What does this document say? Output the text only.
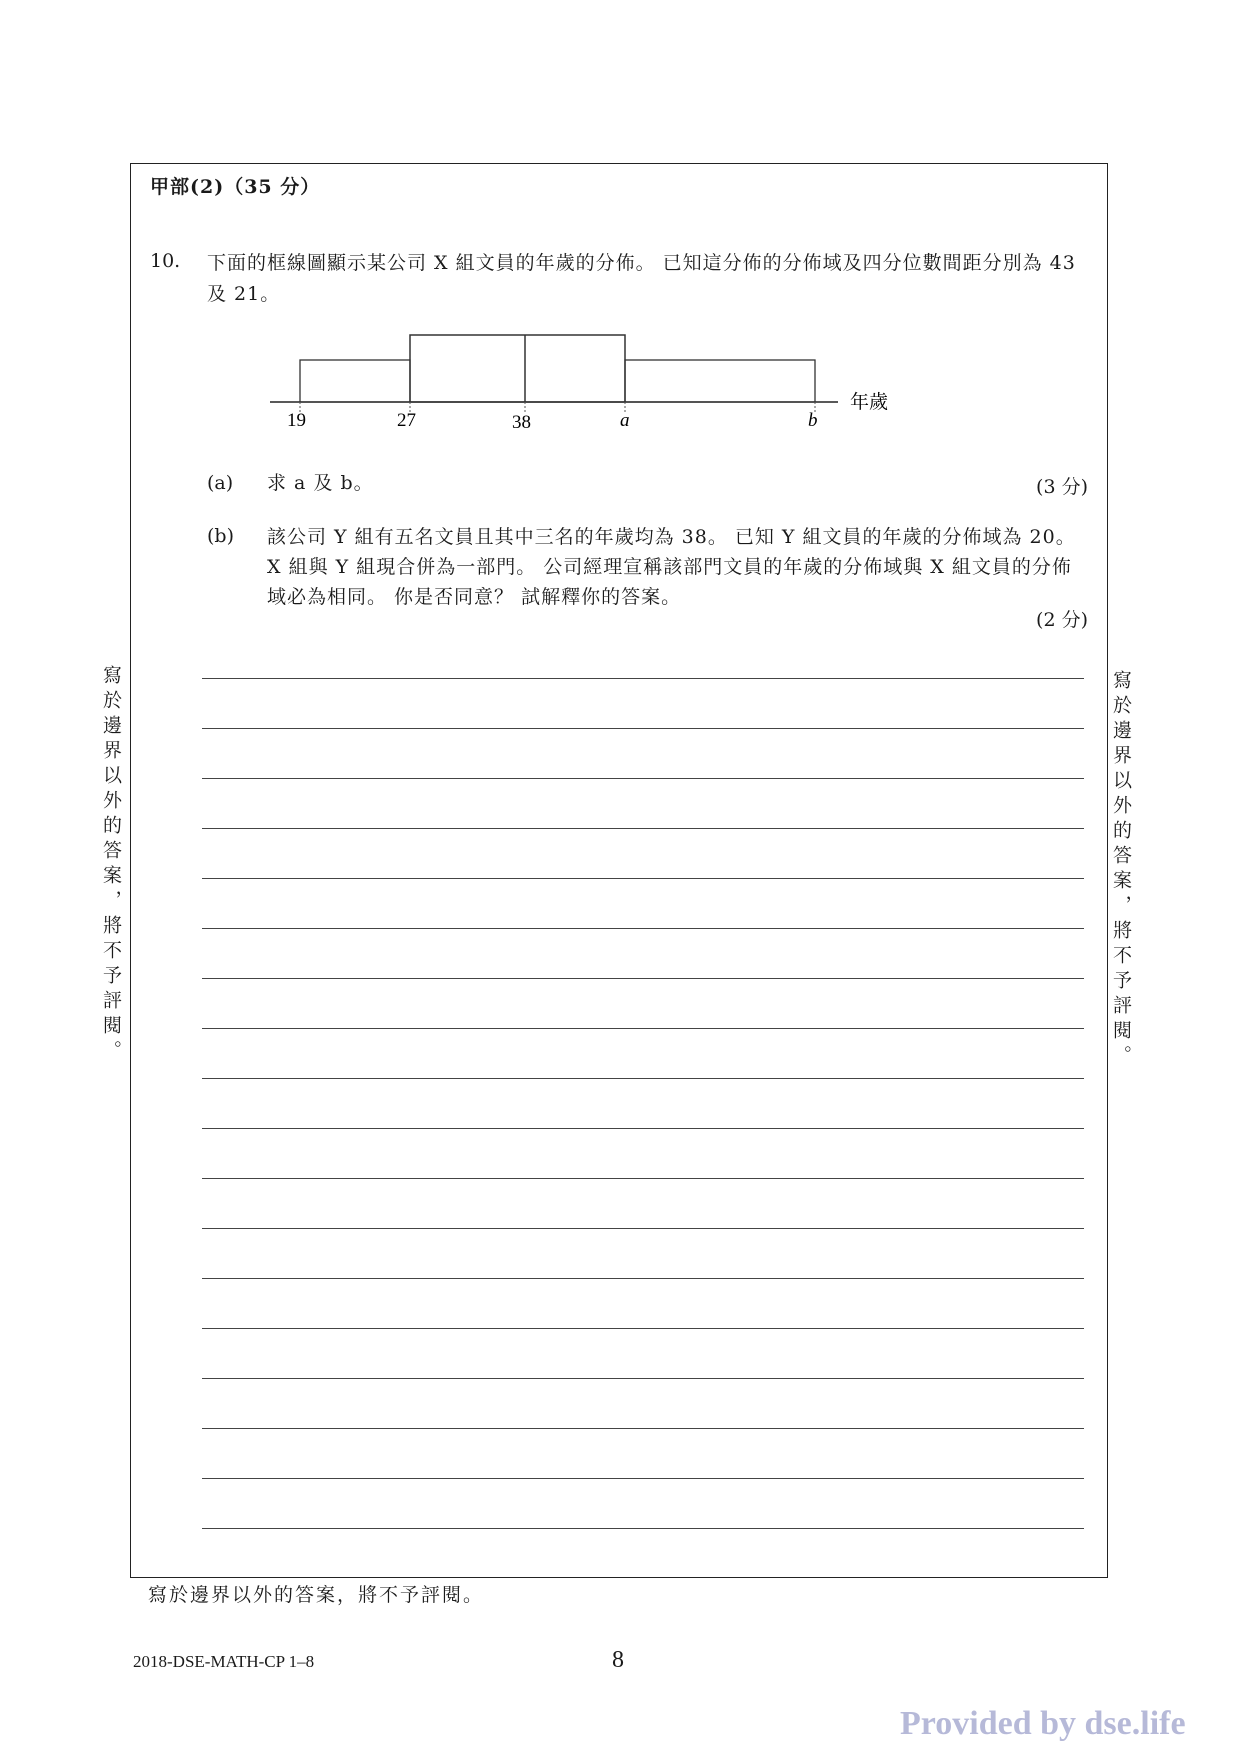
甲部(2)（35 分）
10. 下面的框線圖顯示某公司 X 組文員的年歲的分佈。 已知這分佈的分佈域及四分位數間距分別為 43 及 21。
19	27	38	a	b
年歲
(a) 求 a 及 b。	(3 分)
(b) 該公司 Y 組有五名文員且其中三名的年歲均為 38。 已知 Y 組文員的年歲的分佈域為 20。 X 組與 Y 組現合併為一部門。 公司經理宣稱該部門文員的年歲的分佈域與 X 組文員的分佈域必為相同。 你是否同意？ 試解釋你的答案。
(2 分)
寫於邊界以外的答案，將不予評閱。	寫於邊界以外的答案，將不予評閱。
寫於邊界以外的答案，將不予評閱。
2018-DSE-MATH-CP 1–8	8
Provided by dse.life
